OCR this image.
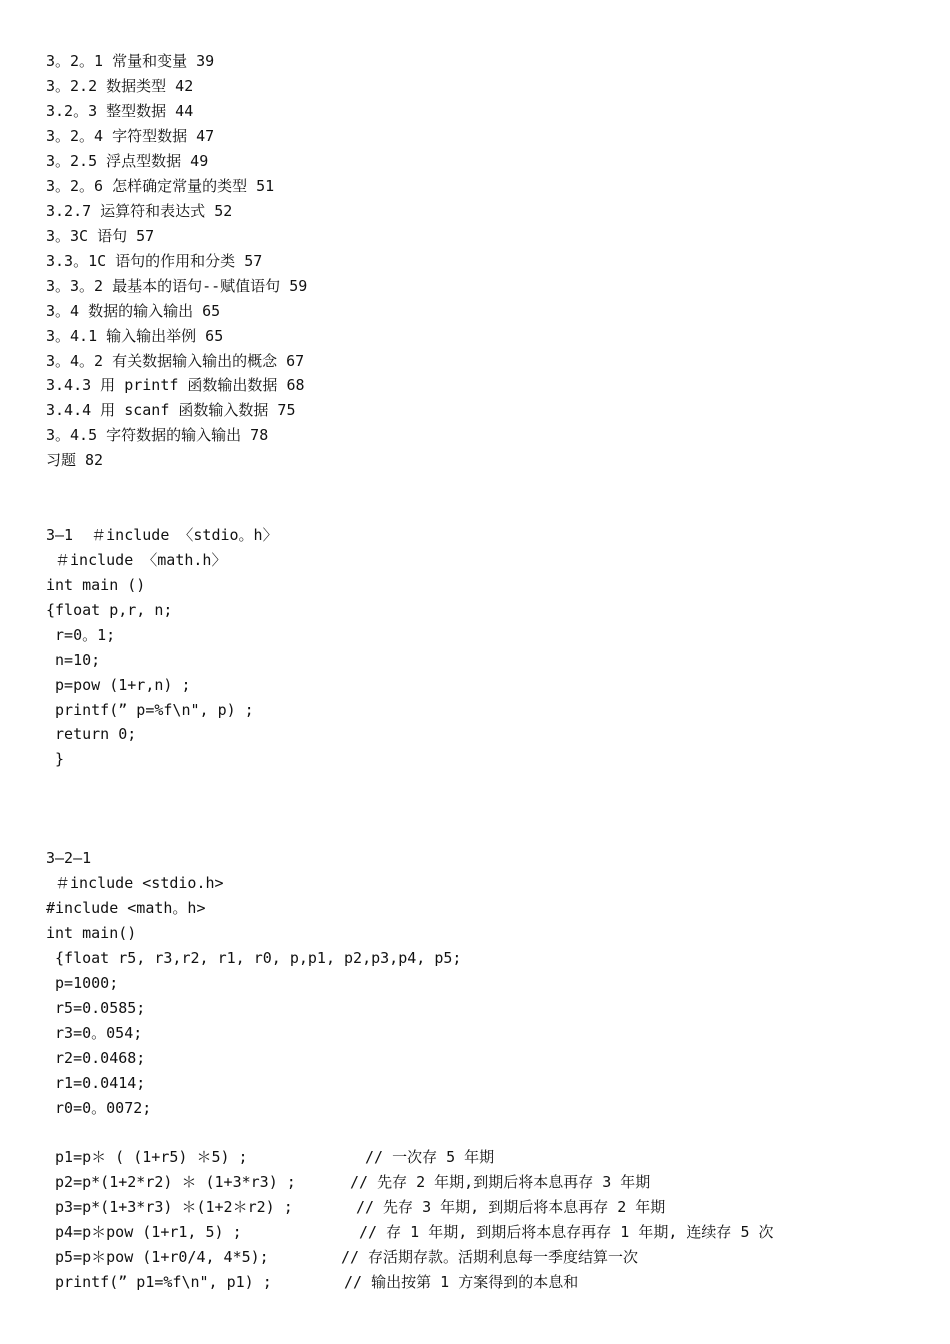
3。2。1 常量和变量 39
3。2.2 数据类型 42
3.2。3 整型数据 44
3。2。4 字符型数据 47
3。2.5 浮点型数据 49
3。2。6 怎样确定常量的类型 51
3.2.7 运算符和表达式 52
3。3C 语句 57
3.3。1C 语句的作用和分类 57
3。3。2 最基本的语句--赋值语句 59
3。4 数据的输入输出 65
3。4.1 输入输出举例 65
3。4。2 有关数据输入输出的概念 67
3.4.3 用 printf 函数输出数据 68
3.4.4 用 scanf 函数输入数据 75
3。4.5 字符数据的输入输出 78
习题 82
3—1  ＃include 〈stdio。h〉
＃include 〈math.h〉
int main ()
{float p,r, n;
r=0。1;
n=10;
p=pow (1+r,n) ;
printf(” p=%f\n", p) ;
return 0;
}
3—2—1
＃include <stdio.h>
#include <math。h>
int main()
{float r5, r3,r2, r1, r0, p,p1, p2,p3,p4, p5;
p=1000;
r5=0.0585;
r3=0。054;
r2=0.0468;
r1=0.0414;
r0=0。0072;
p1=p＊ ( (1+r5) ＊5) ;             // 一次存 5 年期
p2=p*(1+2*r2) ＊ (1+3*r3) ;      // 先存 2 年期,到期后将本息再存 3 年期
p3=p*(1+3*r3) ＊(1+2＊r2) ;       // 先存 3 年期, 到期后将本息再存 2 年期
p4=p＊pow (1+r1, 5) ;             // 存 1 年期, 到期后将本息存再存 1 年期, 连续存 5 次
p5=p＊pow (1+r0/4, 4*5);        // 存活期存款。活期利息每一季度结算一次
printf(” p1=%f\n", p1) ;        // 输出按第 1 方案得到的本息和
